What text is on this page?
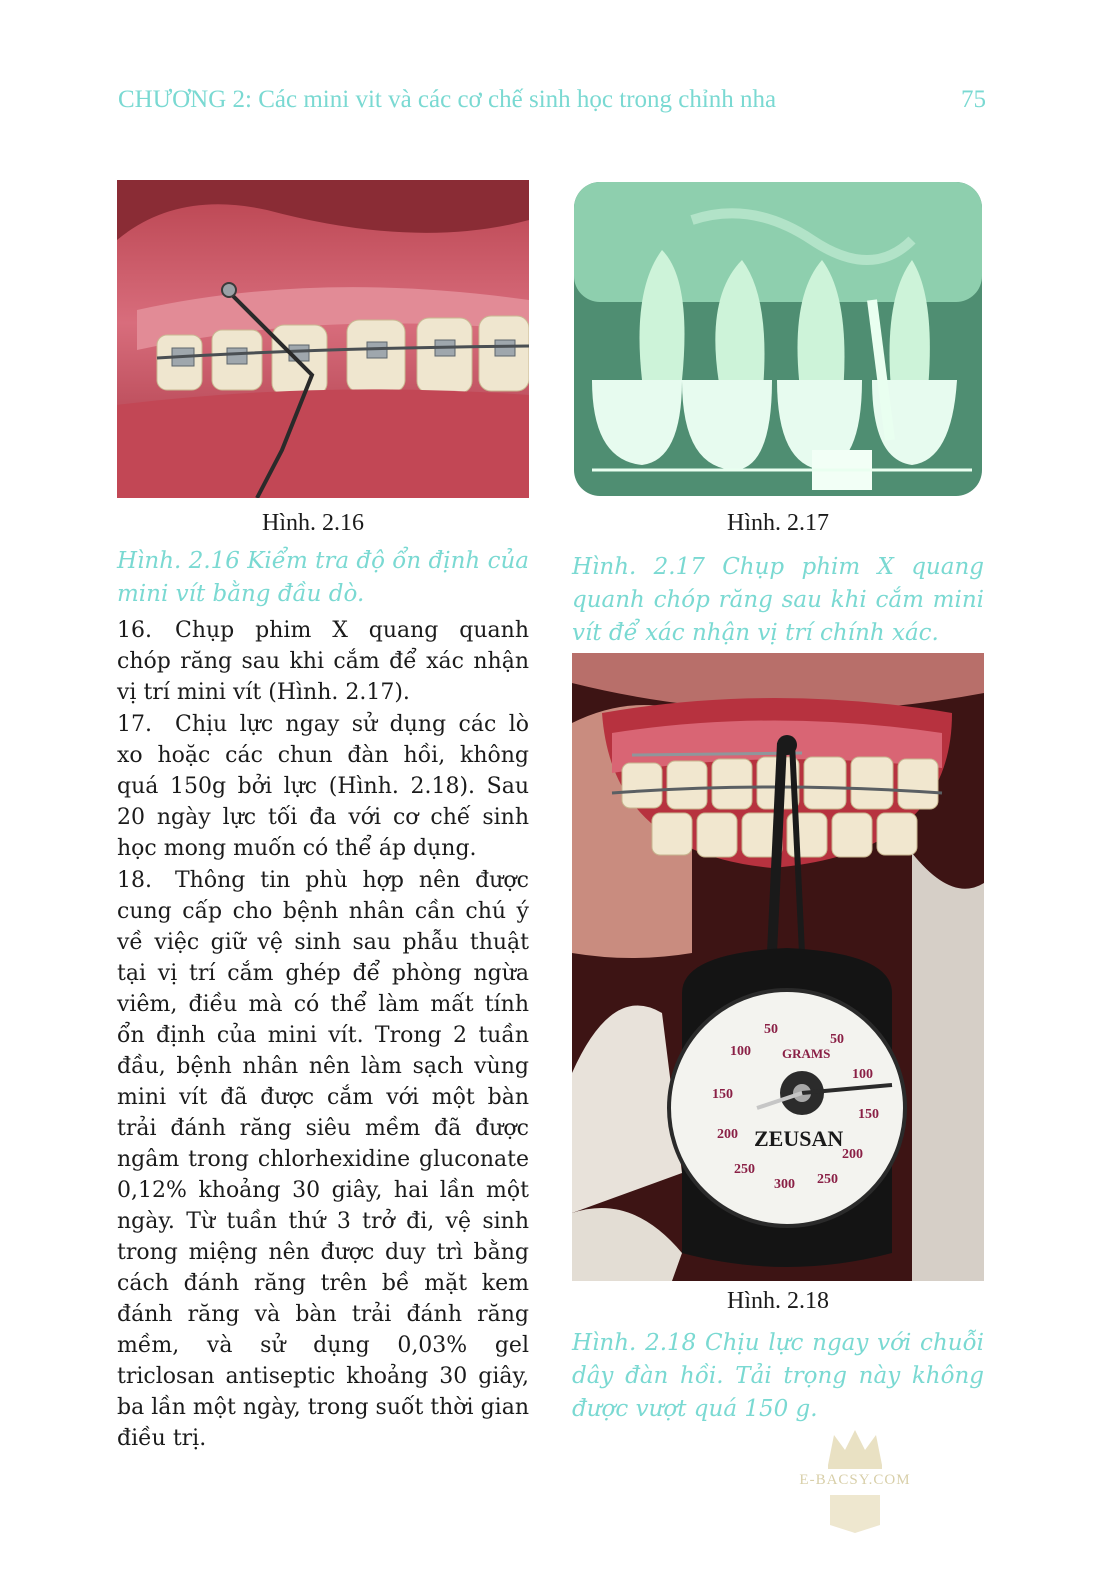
CHƯƠNG 2: Các mini vit và các cơ chế sinh học trong chỉnh nha	75
Hình. 2.16
Hình. 2.16 Kiểm tra độ ổn định của mini vít bằng đầu dò.
Hình. 2.17
Hình. 2.17 Chụp phim X quang quanh chóp răng sau khi cắm mini vít để xác nhận vị trí chính xác.
50
100
150
200
250
300
50
100
150
200
250
GRAMS
ZEUSAN
Hình. 2.18
Hình. 2.18 Chịu lực ngay với chuỗi dây đàn hồi. Tải trọng này không được vượt quá 150 g.

16. Chụp phim X quang quanh chóp răng sau khi cắm để xác nhận vị trí mini vít (Hình. 2.17).

17. Chịu lực ngay sử dụng các lò xo hoặc các chun đàn hồi, không quá 150g bởi lực (Hình. 2.18). Sau 20 ngày lực tối đa với cơ chế sinh học mong muốn có thể áp dụng.

18. Thông tin phù hợp nên được cung cấp cho bệnh nhân cần chú ý về việc giữ vệ sinh sau phẫu thuật tại vị trí cắm ghép để phòng ngừa viêm, điều mà có thể làm mất tính ổn định của mini vít. Trong 2 tuần đầu, bệnh nhân nên làm sạch vùng mini vít đã được cắm với một bàn trải đánh răng siêu mềm đã được ngâm trong chlorhexidine gluconate 0,12% khoảng 30 giây, hai lần một ngày. Từ tuần thứ 3 trở đi, vệ sinh trong miệng nên được duy trì bằng cách đánh răng trên bề mặt kem đánh răng và bàn trải đánh răng mềm, và sử dụng 0,03% gel triclosan antiseptic khoảng 30 giây, ba lần một ngày, trong suốt thời gian điều trị.

E-BACSY.COM
